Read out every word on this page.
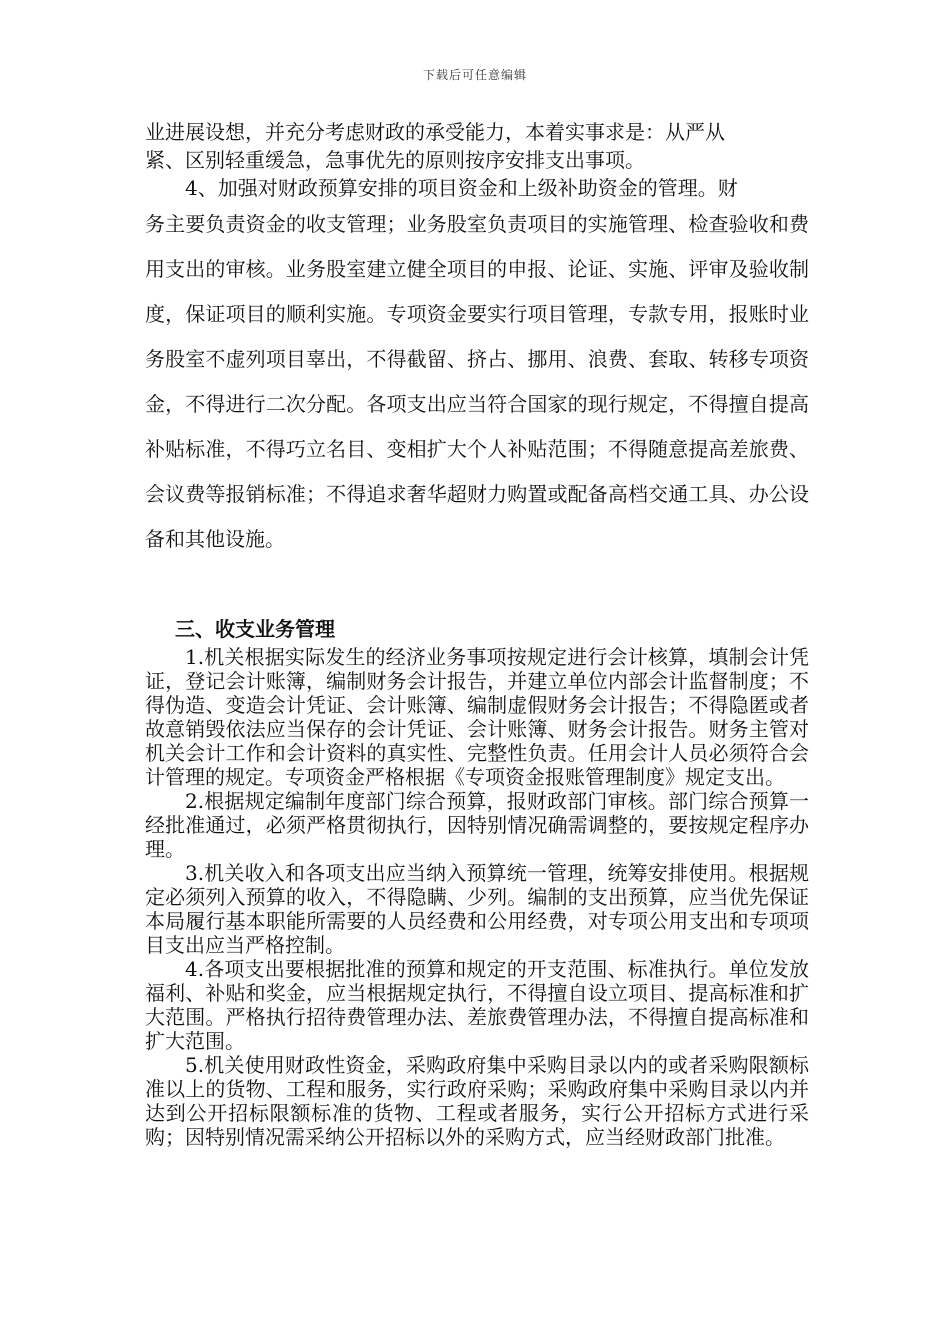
下载后可任意编辑

业进展设想，并充分考虑财政的承受能力，本着实事求是：从严从

紧、区别轻重缓急，急事优先的原则按序安排支出事项。

4、加强对财政预算安排的项目资金和上级补助资金的管理。财

务主要负责资金的收支管理；业务股室负责项目的实施管理、检查验收和费用支出的审核。业务股室建立健全项目的申报、论证、实施、评审及验收制度，保证项目的顺利实施。专项资金要实行项目管理，专款专用，报账时业务股室不虚列项目辜出，不得截留、挤占、挪用、浪费、套取、转移专项资金，不得进行二次分配。各项支出应当符合国家的现行规定，不得擅自提高补贴标准，不得巧立名目、变相扩大个人补贴范围；不得随意提高差旅费、会议费等报销标准；不得追求奢华超财力购置或配备高档交通工具、办公设备和其他设施。

三、收支业务管理

1.机关根据实际发生的经济业务事项按规定进行会计核算，填制会计凭证，登记会计账簿，编制财务会计报告，并建立单位内部会计监督制度；不得伪造、变造会计凭证、会计账簿、编制虚假财务会计报告；不得隐匿或者故意销毁依法应当保存的会计凭证、会计账簿、财务会计报告。财务主管对机关会计工作和会计资料的真实性、完整性负责。任用会计人员必须符合会计管理的规定。专项资金严格根据《专项资金报账管理制度》规定支出。

2.根据规定编制年度部门综合预算，报财政部门审核。部门综合预算一经批准通过，必须严格贯彻执行，因特别情况确需调整的，要按规定程序办理。

3.机关收入和各项支出应当纳入预算统一管理，统筹安排使用。根据规定必须列入预算的收入，不得隐瞒、少列。编制的支出预算，应当优先保证本局履行基本职能所需要的人员经费和公用经费，对专项公用支出和专项项目支出应当严格控制。

4.各项支出要根据批准的预算和规定的开支范围、标准执行。单位发放福利、补贴和奖金，应当根据规定执行，不得擅自设立项目、提高标准和扩大范围。严格执行招待费管理办法、差旅费管理办法，不得擅自提高标准和扩大范围。

5.机关使用财政性资金，采购政府集中采购目录以内的或者采购限额标准以上的货物、工程和服务，实行政府采购；采购政府集中采购目录以内并达到公开招标限额标准的货物、工程或者服务，实行公开招标方式进行采购；因特别情况需采纳公开招标以外的采购方式，应当经财政部门批准。
